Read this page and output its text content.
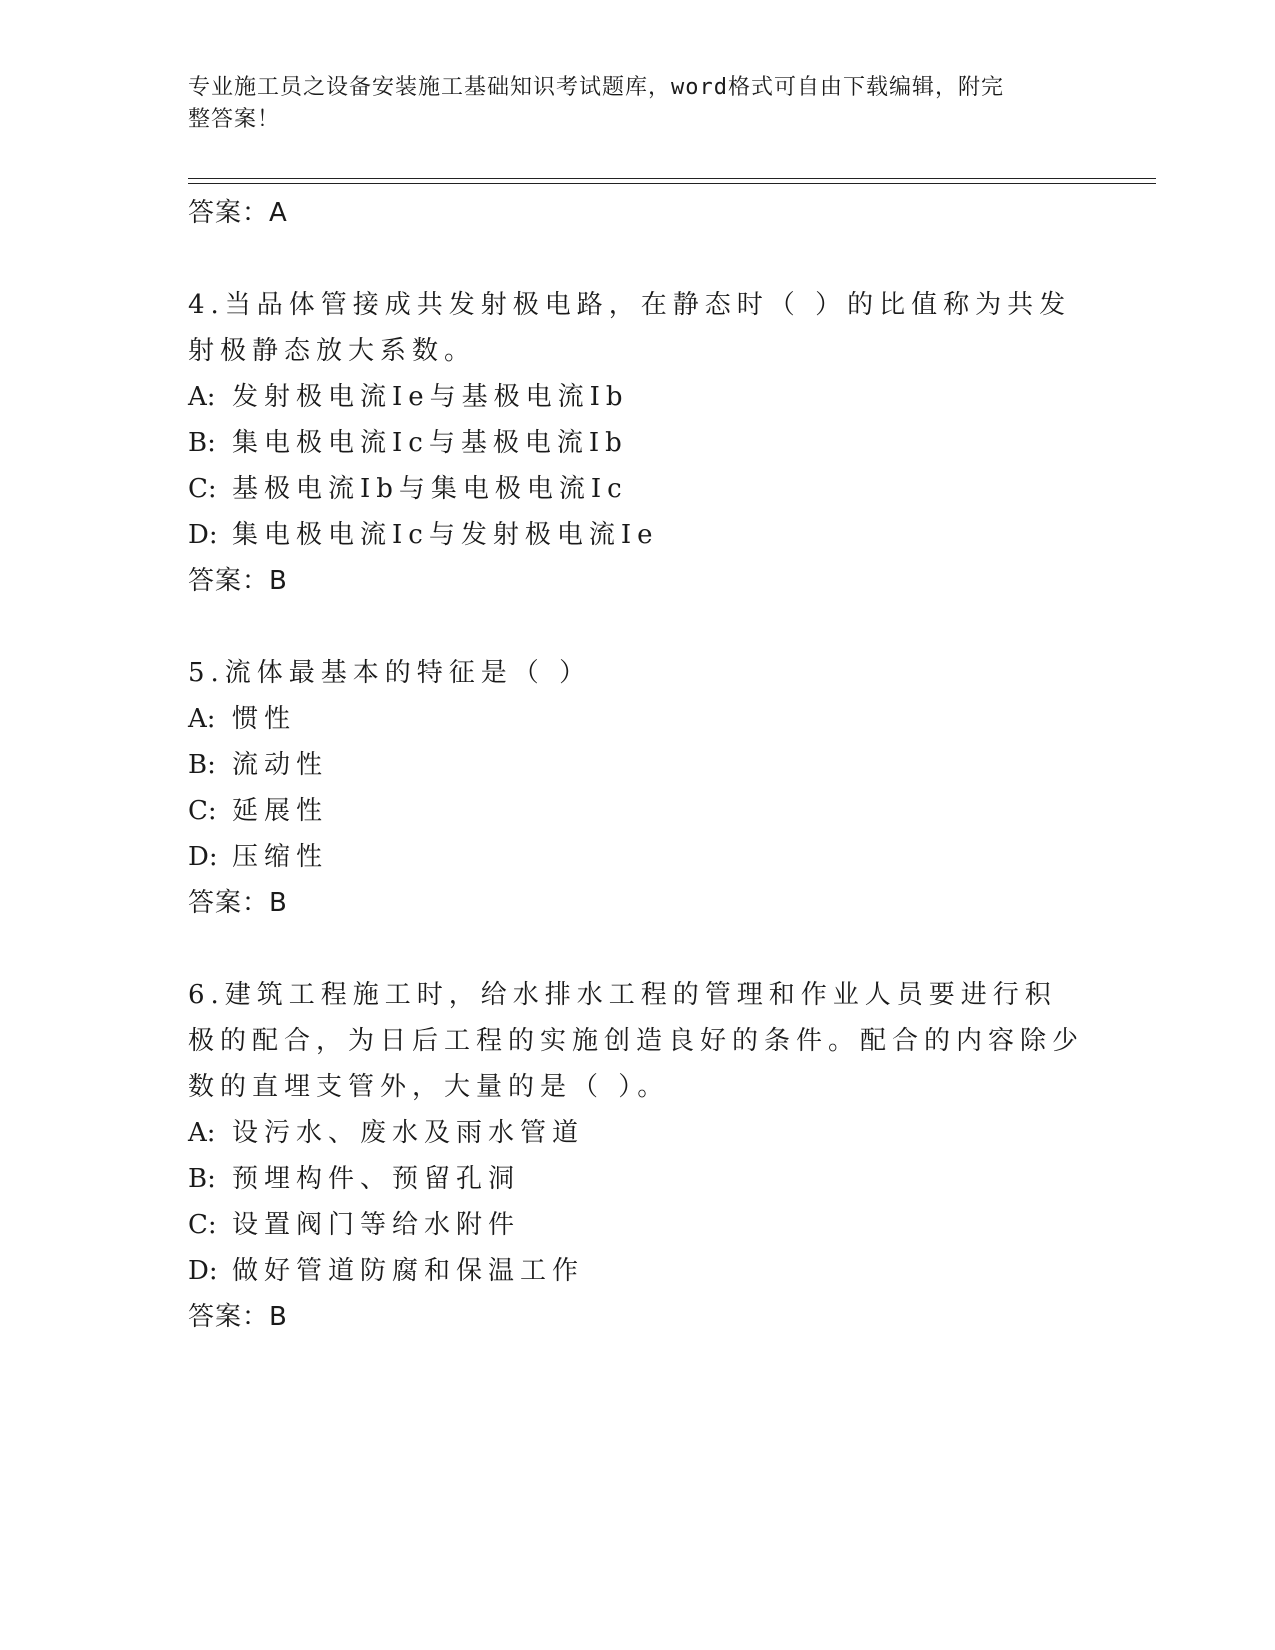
专业施工员之设备安装施工基础知识考试题库，word格式可自由下载编辑，附完
整答案！
答案：A
4.当品体管接成共发射极电路，在静态时（ ）的比值称为共发射极静态放大系数。
A: 发射极电流Ie与基极电流Ib
B: 集电极电流Ic与基极电流Ib
C: 基极电流Ib与集电极电流Ic
D: 集电极电流Ic与发射极电流Ie
答案：B
5.流体最基本的特征是（ ）
A: 惯性
B: 流动性
C: 延展性
D: 压缩性
答案：B
6.建筑工程施工时，给水排水工程的管理和作业人员要进行积极的配合，为日后工程的实施创造良好的条件。配合的内容除少数的直埋支管外，大量的是（ ）。
A: 设污水、废水及雨水管道
B: 预埋构件、预留孔洞
C: 设置阀门等给水附件
D: 做好管道防腐和保温工作
答案：B
